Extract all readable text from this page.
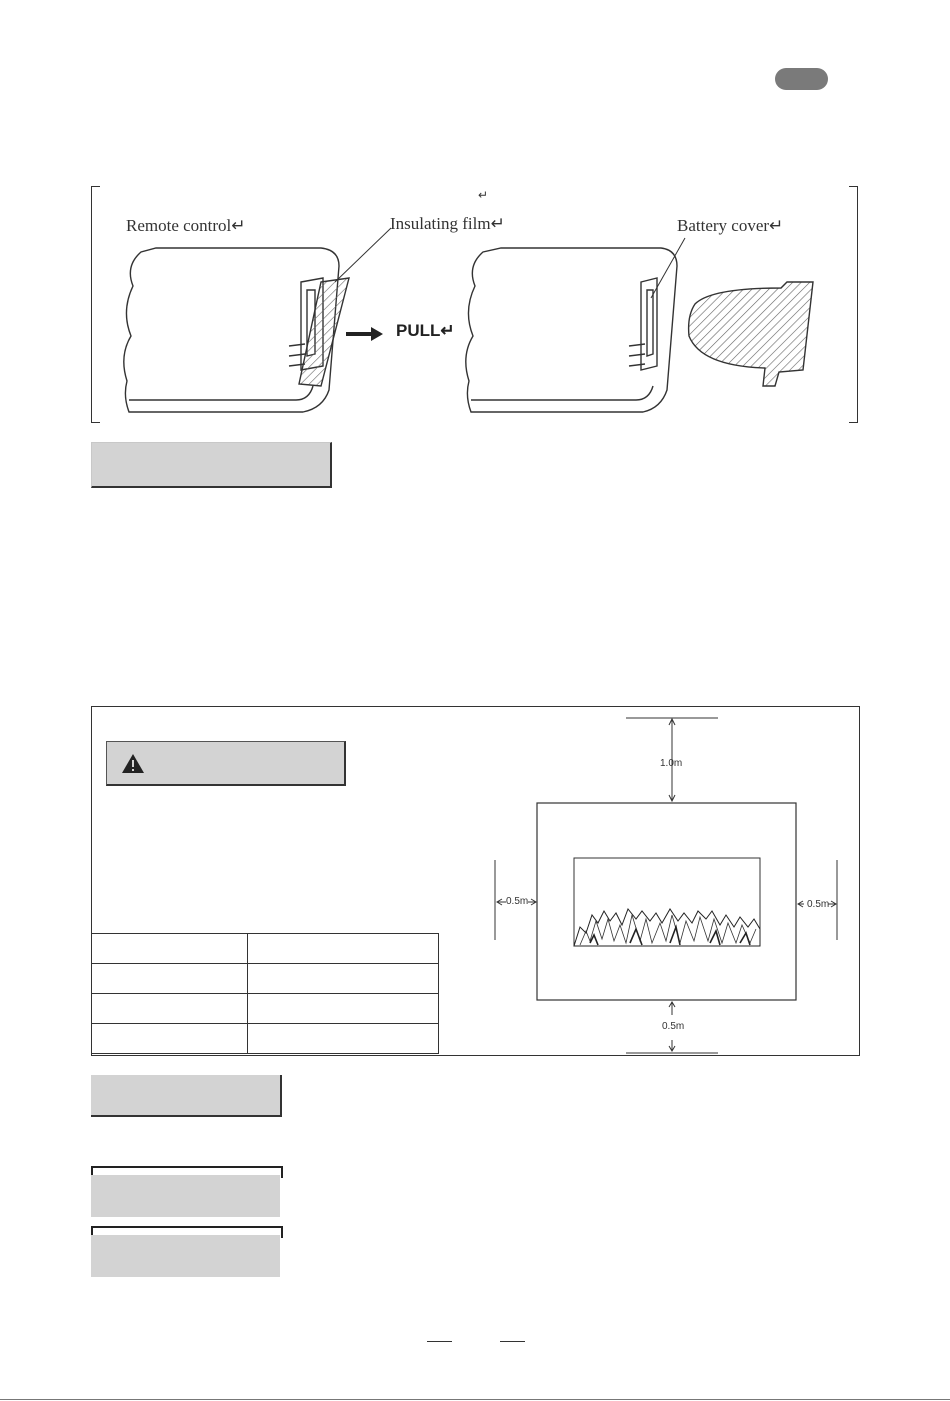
↵
Remote control↵	Insulating film↵	Battery cover↵
PULL↵

1.0m
0.5m	0.5m
0.5m
